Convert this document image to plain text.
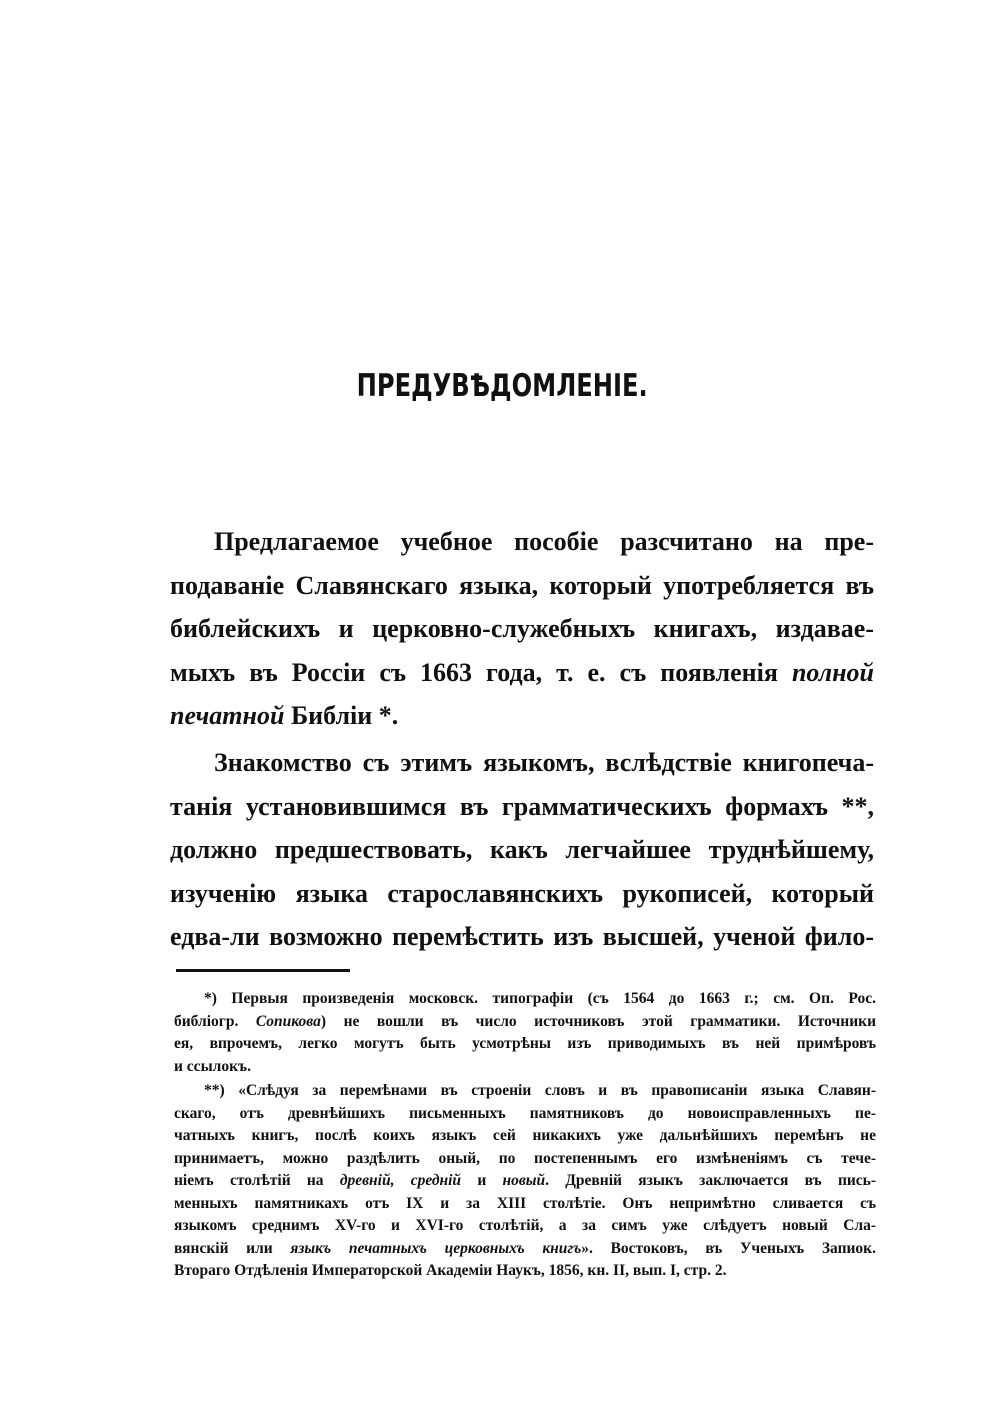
ПРЕДУВѢДОМЛЕНІЕ.
Предлагаемое учебное пособіе разсчитано на пре-
подаваніе Славянскаго языка, который употребляется въ
библейскихъ и церковно-служебныхъ книгахъ, издавае-
мыхъ въ Россіи съ 1663 года, т. е. съ появленія полной
печатной Библіи *.
Знакомство съ этимъ языкомъ, вслѣдствіе книгопеча-
танія установившимся въ грамматическихъ формахъ **,
должно предшествовать, какъ легчайшее труднѣйшему,
изученію языка старославянскихъ рукописей, который
едва-ли возможно перемѣстить изъ высшей, ученой фило-
*) Первыя произведенія московск. типографіи (съ 1564 до 1663 г.; см. Оп. Рос.
библіогр. Сопикова) не вошли въ число источниковъ этой грамматики. Источники
ея, впрочемъ, легко могутъ быть усмотрѣны изъ приводимыхъ въ ней примѣровъ
и ссылокъ.
**) «Слѣдуя за перемѣнами въ строеніи словъ и въ правописаніи языка Славян-
скаго, отъ древнѣйшихъ письменныхъ памятниковъ до новоисправленныхъ пе-
чатныхъ книгъ, послѣ коихъ языкъ сей никакихъ уже дальнѣйшихъ перемѣнъ не
принимаетъ, можно раздѣлить оный, по постепеннымъ его измѣненіямъ съ тече-
ніемъ столѣтій на древній, средній и новый. Древній языкъ заключается въ пись-
менныхъ памятникахъ отъ IX и за XIII столѣтіе. Онъ непримѣтно сливается съ
языкомъ среднимъ XV-го и XVI-го столѣтій, а за симъ уже слѣдуетъ новый Сла-
вянскій или языкъ печатныхъ церковныхъ книгъ». Востоковъ, въ Ученыхъ Запиок.
Втораго Отдѣленія Императорской Академіи Наукъ, 1856, кн. II, вып. I, стр. 2.
